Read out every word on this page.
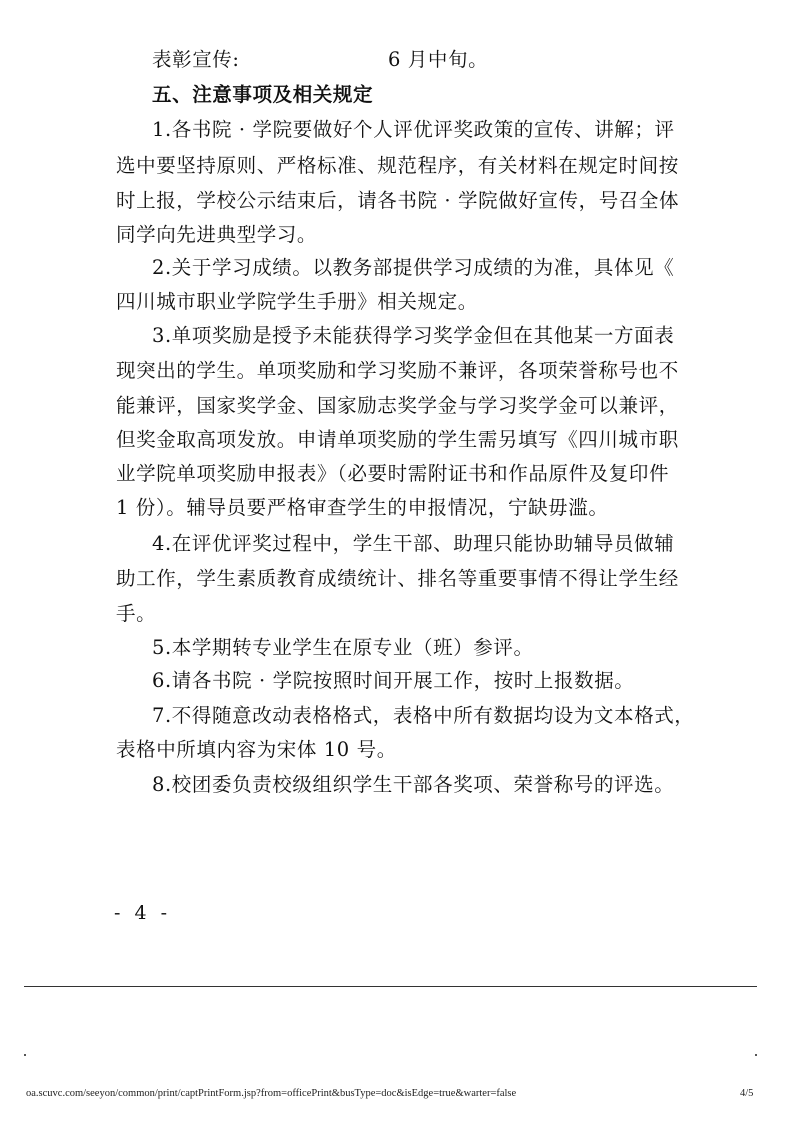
表彰宣传:	6 月中旬。
五、注意事项及相关规定
1.各书院 · 学院要做好个人评优评奖政策的宣传、讲解；评
选中要坚持原则、严格标准、规范程序，有关材料在规定时间按
时上报，学校公示结束后，请各书院 · 学院做好宣传，号召全体
同学向先进典型学习。
2.关于学习成绩。以教务部提供学习成绩的为准，具体见《
四川城市职业学院学生手册》相关规定。
3.单项奖励是授予未能获得学习奖学金但在其他某一方面表
现突出的学生。单项奖励和学习奖励不兼评，各项荣誉称号也不
能兼评，国家奖学金、国家励志奖学金与学习奖学金可以兼评，
但奖金取高项发放。申请单项奖励的学生需另填写《四川城市职
业学院单项奖励申报表》（必要时需附证书和作品原件及复印件
1 份）。辅导员要严格审查学生的申报情况，宁缺毋滥。
4.在评优评奖过程中，学生干部、助理只能协助辅导员做辅
助工作，学生素质教育成绩统计、排名等重要事情不得让学生经
手。
5.本学期转专业学生在原专业（班）参评。
6.请各书院 · 学院按照时间开展工作，按时上报数据。
7.不得随意改动表格格式，表格中所有数据均设为文本格式，
表格中所填内容为宋体 10 号。
8.校团委负责校级组织学生干部各奖项、荣誉称号的评选。
- 4 -
oa.scuvc.com/seeyon/common/print/captPrintForm.jsp?from=officePrint&busType=doc&isEdge=true&warter=false	4/5
